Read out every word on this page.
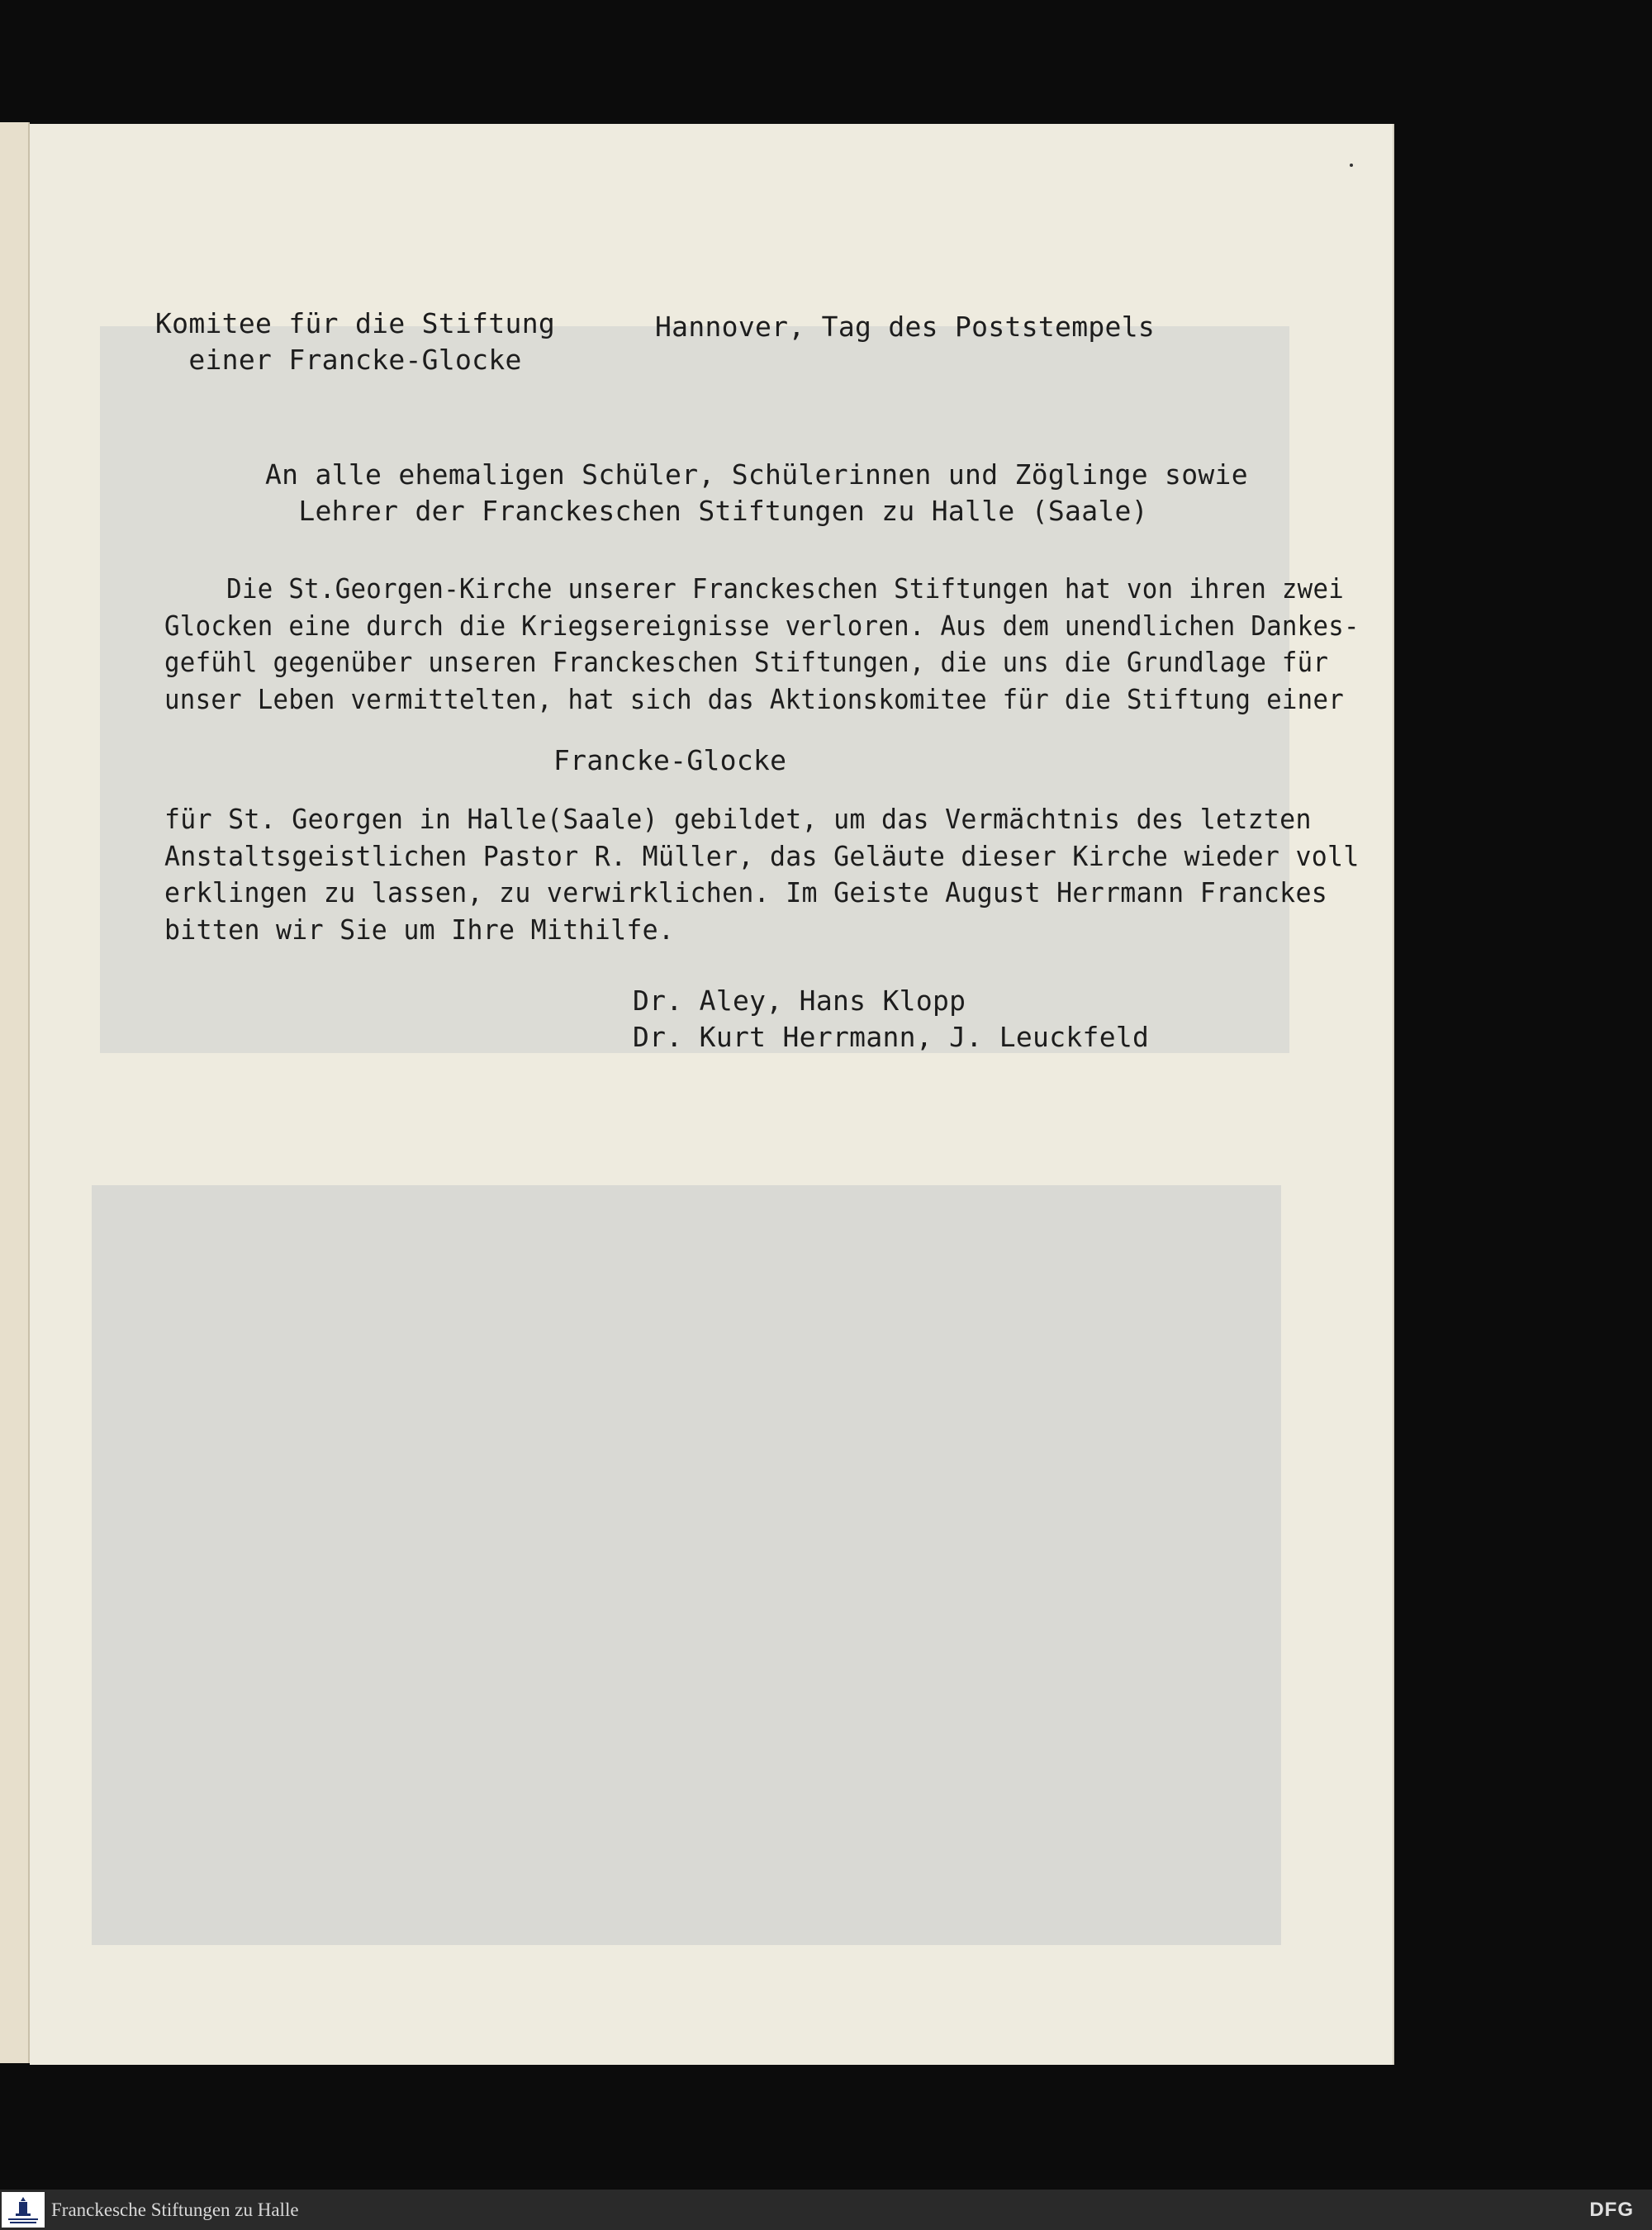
Komitee für die Stiftung
einer Francke-Glocke
Hannover, Tag des Poststempels
An alle ehemaligen Schüler, Schülerinnen und Zöglinge sowie
Lehrer der Franckeschen Stiftungen zu Halle (Saale)
Die St.Georgen-Kirche unserer Franckeschen Stiftungen hat von ihren zwei
Glocken eine durch die Kriegsereignisse verloren. Aus dem unendlichen Dankes-
gefühl gegenüber unseren Franckeschen Stiftungen, die uns die Grundlage für
unser Leben vermittelten, hat sich das Aktionskomitee für die Stiftung einer
Francke-Glocke
für St. Georgen in Halle(Saale) gebildet, um das Vermächtnis des letzten
Anstaltsgeistlichen Pastor R. Müller, das Geläute dieser Kirche wieder voll
erklingen zu lassen, zu verwirklichen. Im Geiste August Herrmann Franckes
bitten wir Sie um Ihre Mithilfe.
Dr. Aley, Hans Klopp
Dr. Kurt Herrmann, J. Leuckfeld
Franckesche Stiftungen zu Halle	DFG
